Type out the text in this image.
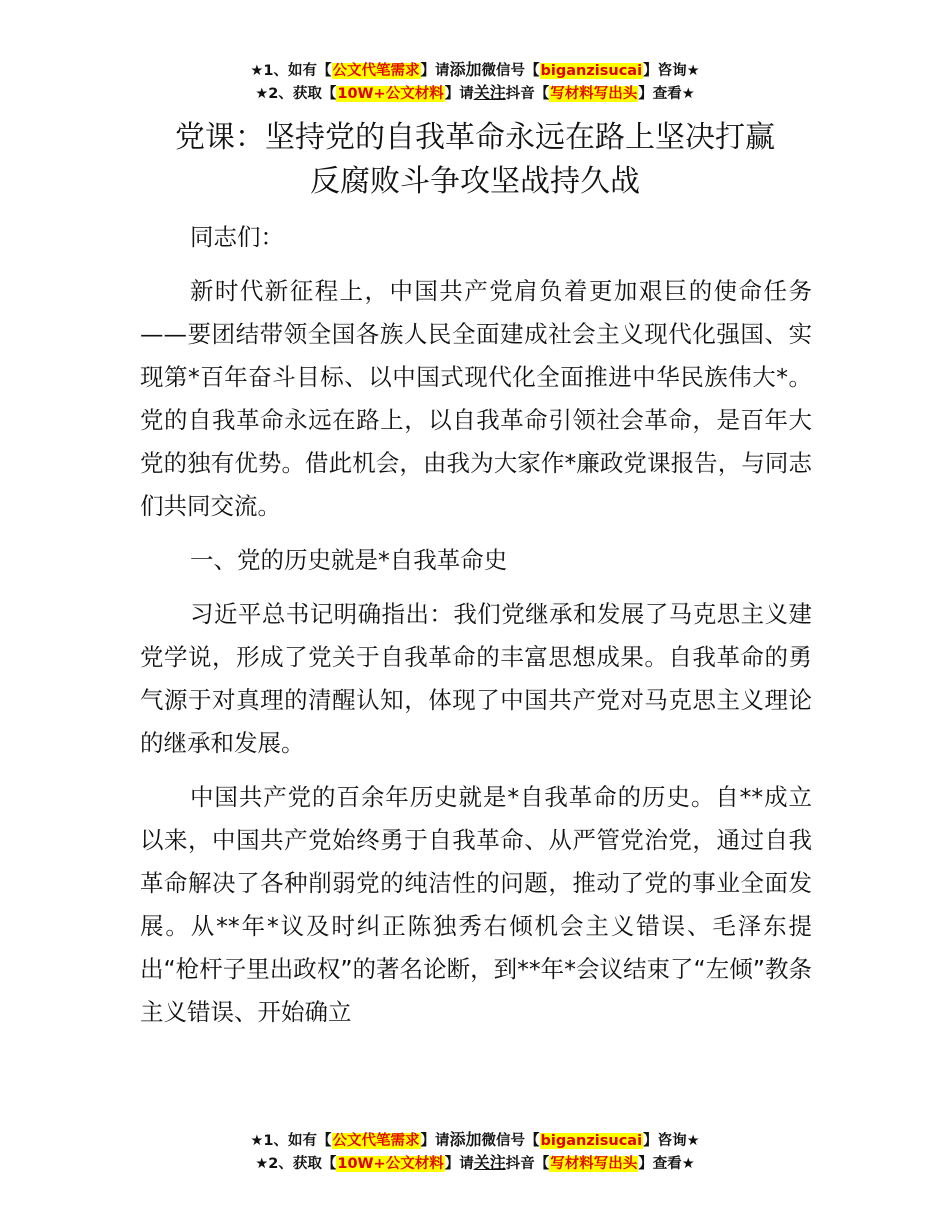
★1、如有【公文代笔需求】请添加微信号【biganzisucai】咨询★
★2、获取【10W+公文材料】请关注抖音【写材料写出头】查看★
党课：坚持党的自我革命永远在路上坚决打赢
反腐败斗争攻坚战持久战

同志们：

新时代新征程上，中国共产党肩负着更加艰巨的使命任务——要团结带领全国各族人民全面建成社会主义现代化强国、实现第*百年奋斗目标、以中国式现代化全面推进中华民族伟大*。党的自我革命永远在路上，以自我革命引领社会革命，是百年大党的独有优势。借此机会，由我为大家作*廉政党课报告，与同志们共同交流。

一、党的历史就是*自我革命史

习近平总书记明确指出：我们党继承和发展了马克思主义建党学说，形成了党关于自我革命的丰富思想成果。自我革命的勇气源于对真理的清醒认知，体现了中国共产党对马克思主义理论的继承和发展。

中国共产党的百余年历史就是*自我革命的历史。自**成立以来，中国共产党始终勇于自我革命、从严管党治党，通过自我革命解决了各种削弱党的纯洁性的问题，推动了党的事业全面发展。从**年*议及时纠正陈独秀右倾机会主义错误、毛泽东提出“枪杆子里出政权”的著名论断，到**年*会议结束了“左倾”教条主义错误、开始确立

★1、如有【公文代笔需求】请添加微信号【biganzisucai】咨询★
★2、获取【10W+公文材料】请关注抖音【写材料写出头】查看★
